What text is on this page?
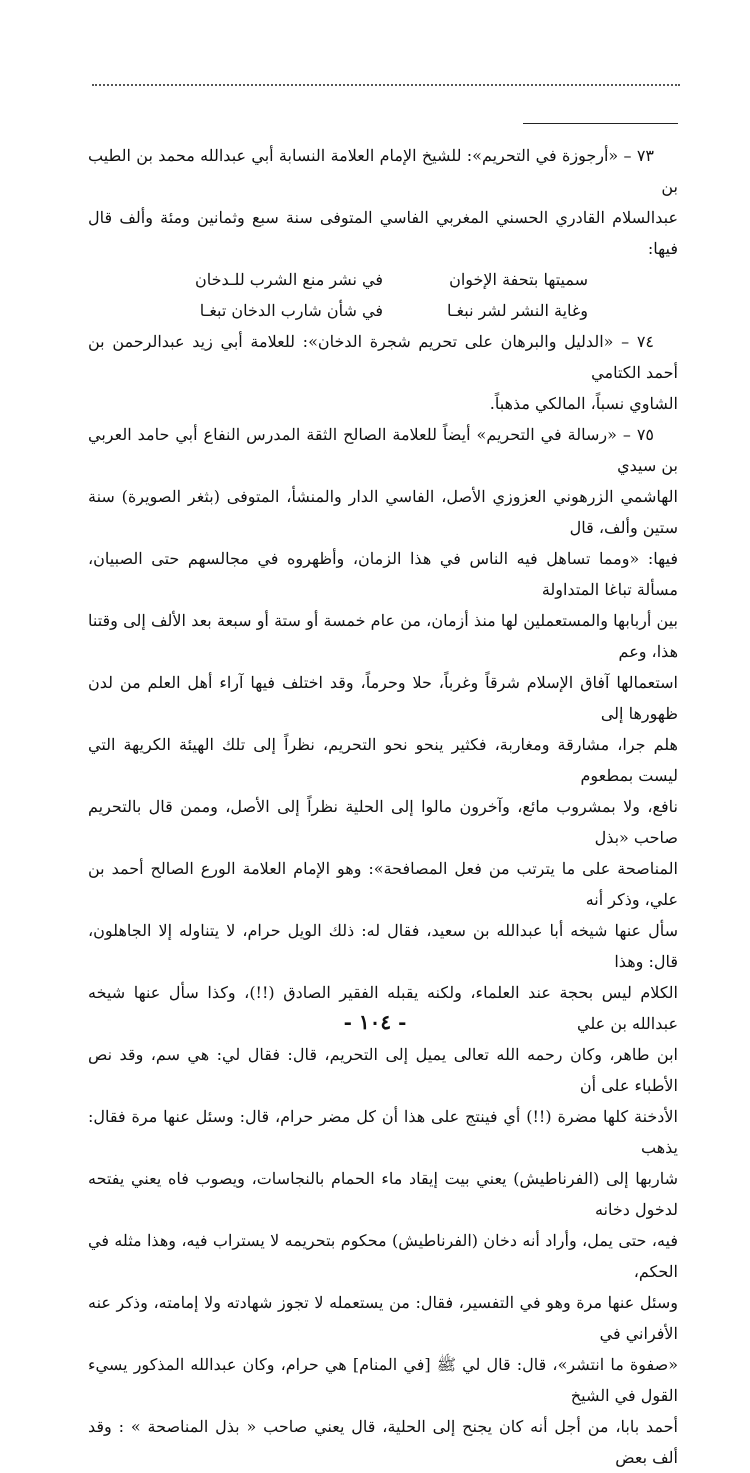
٧٣ – «أرجوزة في التحريم»: للشيخ الإمام العلامة النسابة أبي عبدالله محمد بن الطيب بن

عبدالسلام القادري الحسني المغربي الفاسي المتوفى سنة سبع وثمانين ومئة وألف قال فيها:

سميتها بتحفة الإخوان
في نشر منع الشرب للـدخان
وغاية النشر لشر نبغـا
في شأن شارب الدخان تبغـا

٧٤ – «الدليل والبرهان على تحريم شجرة الدخان»: للعلامة أبي زيد عبدالرحمن بن أحمد الكتامي

الشاوي نسباً، المالكي مذهباً.

٧٥ – «رسالة في التحريم» أيضاً للعلامة الصالح الثقة المدرس النفاع أبي حامد العربي بن سيدي

الهاشمي الزرهوني العزوزي الأصل، الفاسي الدار والمنشأ، المتوفى (بثغر الصويرة) سنة ستين وألف، قال

فيها: «ومما تساهل فيه الناس في هذا الزمان، وأظهروه في مجالسهم حتى الصبيان، مسألة تباغا المتداولة

بين أربابها والمستعملين لها منذ أزمان، من عام خمسة أو ستة أو سبعة بعد الألف إلى وقتنا هذا، وعم

استعمالها آفاق الإسلام شرقاً وغرباً، حلا وحرماً، وقد اختلف فيها آراء أهل العلم من لدن ظهورها إلى

هلم جرا، مشارقة ومغاربة، فكثير ينحو نحو التحريم، نظراً إلى تلك الهيئة الكريهة التي ليست بمطعوم

نافع، ولا بمشروب مائع، وآخرون مالوا إلى الحلية نظراً إلى الأصل، وممن قال بالتحريم صاحب «بذل

المناصحة على ما يترتب من فعل المصافحة»: وهو الإمام العلامة الورع الصالح أحمد بن علي، وذكر أنه

سأل عنها شيخه أبا عبدالله بن سعيد، فقال له: ذلك الويل حرام، لا يتناوله إلا الجاهلون، قال: وهذا

الكلام ليس بحجة عند العلماء، ولكنه يقبله الفقير الصادق (!!)، وكذا سأل عنها شيخه عبدالله بن علي

ابن طاهر، وكان رحمه الله تعالى يميل إلى التحريم، قال: فقال لي: هي سم، وقد نص الأطباء على أن

الأدخنة كلها مضرة (!!) أي فينتج على هذا أن كل مضر حرام، قال: وسئل عنها مرة فقال: يذهب

شاربها إلى (الفرناطيش) يعني بيت إيقاد ماء الحمام بالنجاسات، ويصوب فاه يعني يفتحه لدخول دخانه

فيه، حتى يمل، وأراد أنه دخان (الفرناطيش) محكوم بتحريمه لا يستراب فيه، وهذا مثله في الحكم،

وسئل عنها مرة وهو في التفسير، فقال: من يستعمله لا تجوز شهادته ولا إمامته، وذكر عنه الأفراني في

«صفوة ما انتشر»، قال: قال لي ﷺ [في المنام] هي حرام، وكان عبدالله المذكور يسيء القول في الشيخ

أحمد بابا، من أجل أنه كان يجنح إلى الحلية، قال يعني صاحب « بذل المناصحة » : وقد ألف بعض

- ١٠٤ -
